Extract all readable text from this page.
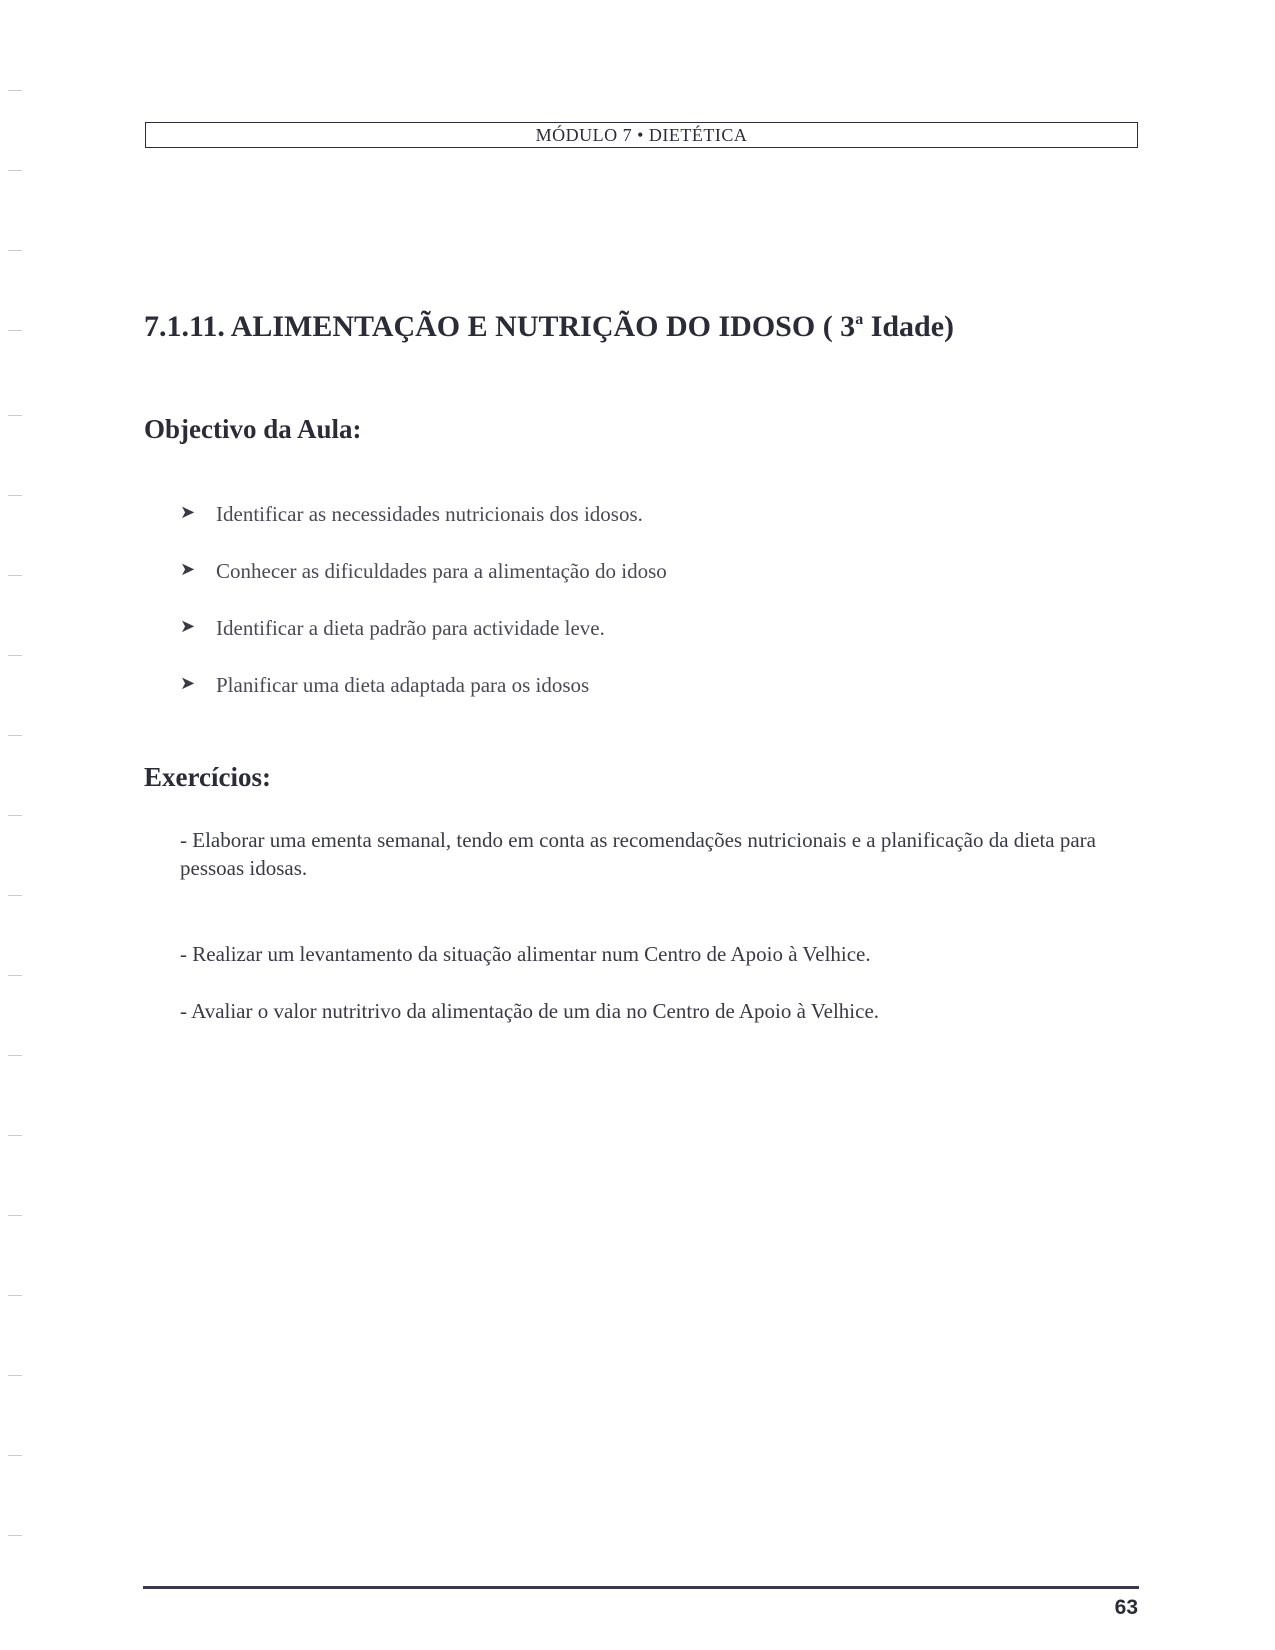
MÓDULO 7 • DIETÉTICA
7.1.11. ALIMENTAÇÃO E NUTRIÇÃO DO IDOSO ( 3$^a$ Idade)
Objectivo da Aula:
➤ Identificar as necessidades nutricionais dos idosos.
➤ Conhecer as dificuldades para a alimentação do idoso
➤ Identificar a dieta padrão para actividade leve.
➤ Planificar uma dieta adaptada para os idosos
Exercícios:

- Elaborar uma ementa semanal, tendo em conta as recomendações nutricionais e a planificação da dieta para pessoas idosas.

- Realizar um levantamento da situação alimentar num Centro de Apoio à Velhice.

- Avaliar o valor nutritrivo da alimentação de um dia no Centro de Apoio à Velhice.

63
